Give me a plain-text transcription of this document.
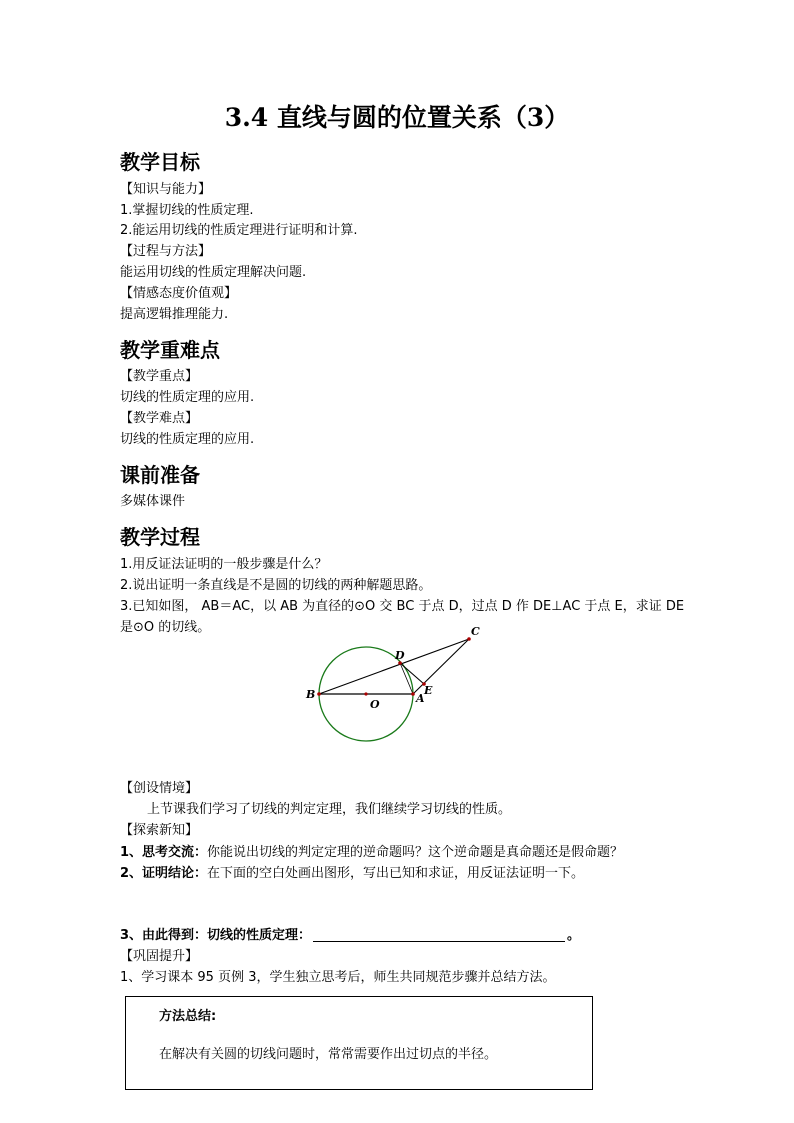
3.4 直线与圆的位置关系（3）
教学目标
【知识与能力】
1.掌握切线的性质定理.
2.能运用切线的性质定理进行证明和计算.
【过程与方法】
能运用切线的性质定理解决问题.
【情感态度价值观】
提高逻辑推理能力.
教学重难点
【教学重点】
切线的性质定理的应用.
【教学难点】
切线的性质定理的应用.
课前准备
多媒体课件
教学过程
1.用反证法证明的一般步骤是什么？
2.说出证明一条直线是不是圆的切线的两种解题思路。
3.已知如图， AB＝AC，以 AB 为直径的⊙O 交 BC 于点 D，过点 D 作 DE⊥AC 于点 E，求证 DE
是⊙O 的切线。	C
D
B	E
O	A
【创设情境】
上节课我们学习了切线的判定定理，我们继续学习切线的性质。
【探索新知】
1、思考交流：你能说出切线的判定定理的逆命题吗？这个逆命题是真命题还是假命题？
2、证明结论：在下面的空白处画出图形，写出已知和求证，用反证法证明一下。
3、由此得到：切线的性质定理：	。
【巩固提升】
1、学习课本 95 页例 3，学生独立思考后，师生共同规范步骤并总结方法。
方法总结:
在解决有关圆的切线问题时，常常需要作出过切点的半径。
